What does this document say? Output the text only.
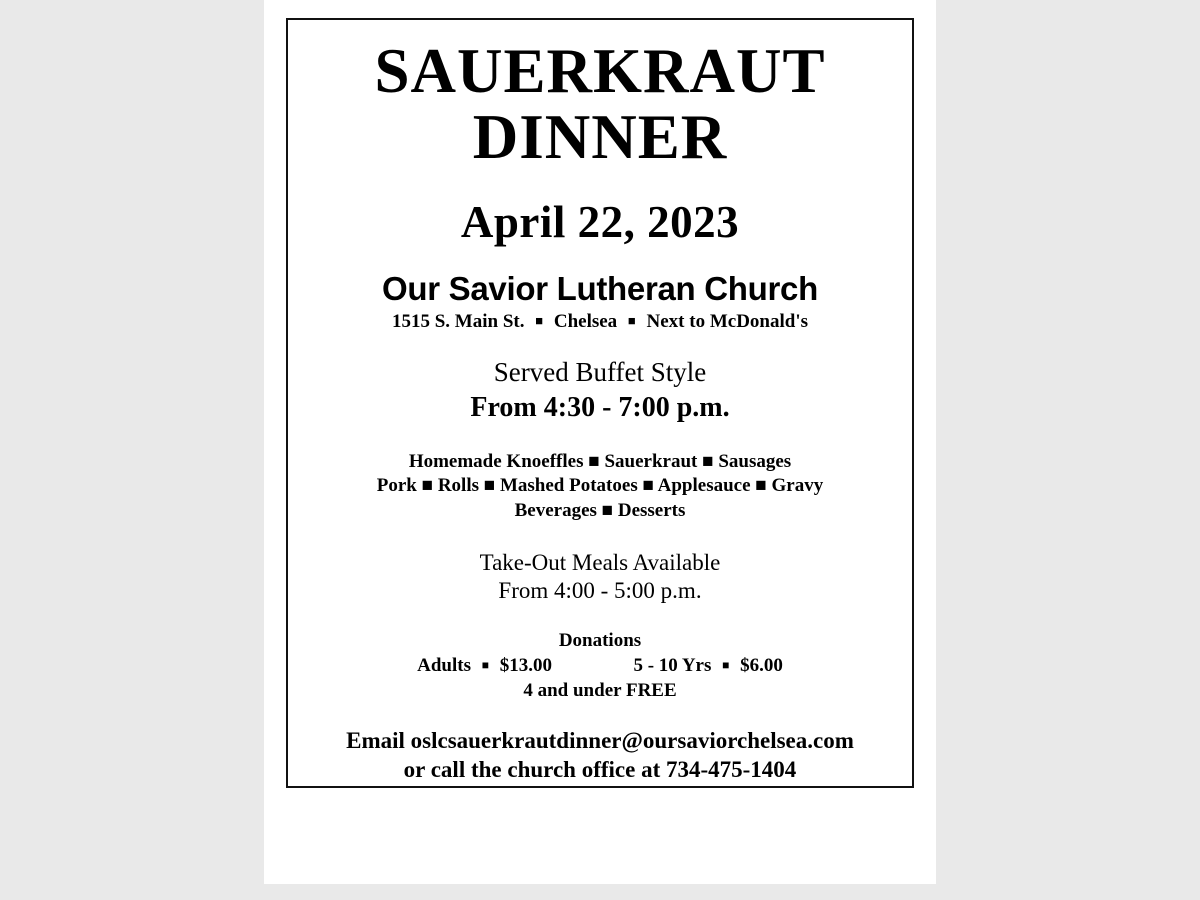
SAUERKRAUT
DINNER
April 22, 2023
Our Savior Lutheran Church
1515 S. Main St. ■ Chelsea ■ Next to McDonald's
Served Buffet Style
From 4:30 - 7:00 p.m.
Homemade Knoeffles ■ Sauerkraut ■ Sausages
Pork ■ Rolls ■ Mashed Potatoes ■ Applesauce ■ Gravy
Beverages ■ Desserts
Take-Out Meals Available
From 4:00 - 5:00 p.m.
Donations
Adults ■ $13.00	5 - 10 Yrs ■ $6.00
4 and under FREE
Email oslcsauerkrautdinner@oursaviorchelsea.com
or call the church office at 734-475-1404
